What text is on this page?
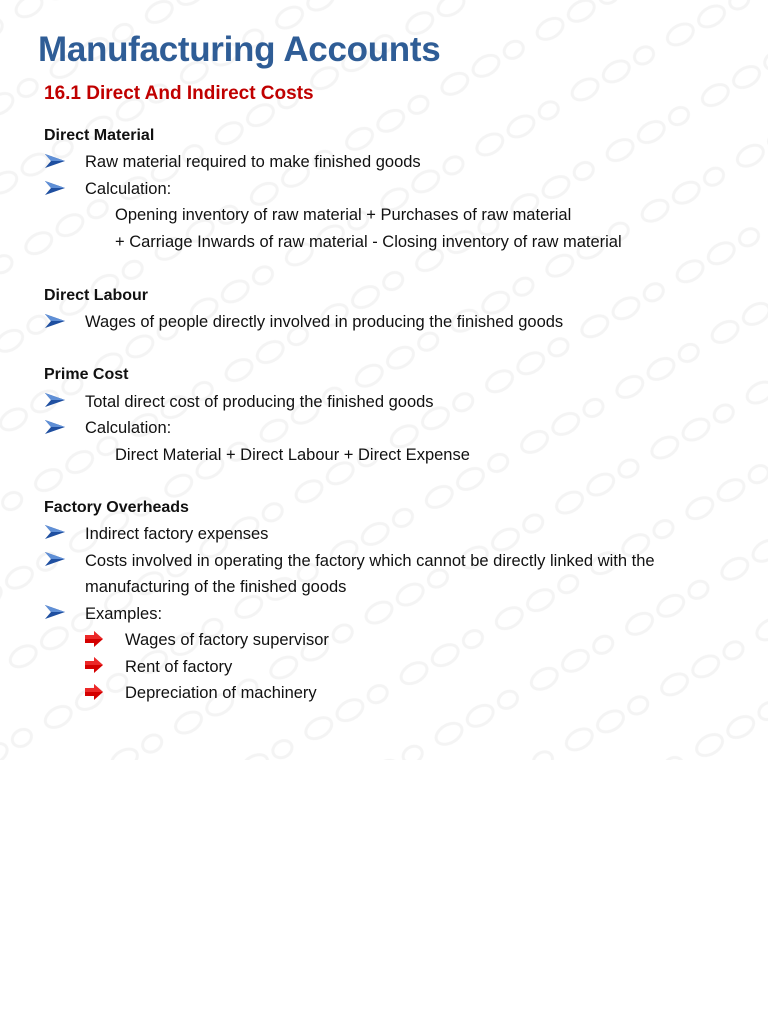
Manufacturing Accounts
16.1 Direct And Indirect Costs
Direct Material
Raw material required to make finished goods
Calculation:
Opening inventory of raw material + Purchases of raw material
+ Carriage Inwards of raw material - Closing inventory of raw material
Direct Labour
Wages of people directly involved in producing the finished goods
Prime Cost
Total direct cost of producing the finished goods
Calculation:
Direct Material + Direct Labour + Direct Expense
Factory Overheads
Indirect factory expenses
Costs involved in operating the factory which cannot be directly linked with the
manufacturing of the finished goods
Examples:
Wages of factory supervisor
Rent of factory
Depreciation of machinery
